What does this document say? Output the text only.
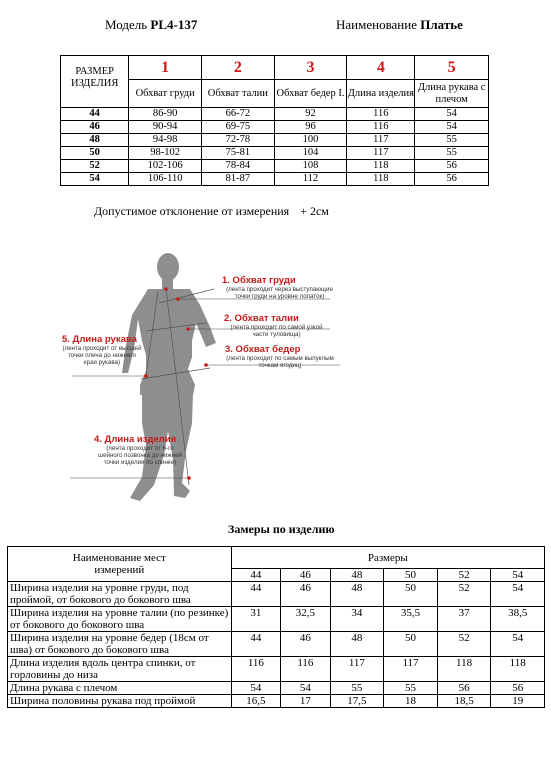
Модель PL4-137	Наименование Платье
РАЗМЕР ИЗДЕЛИЯ	1	2	3	4	5
	Обхват груди	Обхват талии	Обхват бедер I.	Длина изделия	Длина рукава с плечом
44	86-90	66-72	92	116	54
46	90-94	69-75	96	116	54
48	94-98	72-78	100	117	55
50	98-102	75-81	104	117	55
52	102-106	78-84	108	118	56
54	106-110	81-87	112	118	56
Допустимое отклонение от измерения + 2см
1. Обхват груди
(лента проходит через выступающие точки груди на уровне лопаток)
2. Обхват талии
(лента проходит по самой узкой части туловища)
3. Обхват бедер
(лента проходит по самым выпуклым точкам ягодиц)
5. Длина рукава
(лента проходит от высшей точки плеча до нижнего края рукава)
4. Длина изделия
(лента проходит от 6-го шейного позвонка до нижней точки изделия по спинке)
Замеры по изделию
Наименование мест измерений	Размеры					
	44	46	48	50	52	54
Ширина изделия на уровне груди, под проймой, от бокового до бокового шва	44	46	48	50	52	54
Ширина изделия на уровне талии (по резинке) от бокового до бокового шва	31	32,5	34	35,5	37	38,5
Ширина изделия на уровне бедер (18см от шва) от бокового до бокового шва	44	46	48	50	52	54
Длина изделия вдоль центра спинки, от горловины до низа	116	116	117	117	118	118
Длина рукава с плечом	54	54	55	55	56	56
Ширина половины рукава под проймой	16,5	17	17,5	18	18,5	19
